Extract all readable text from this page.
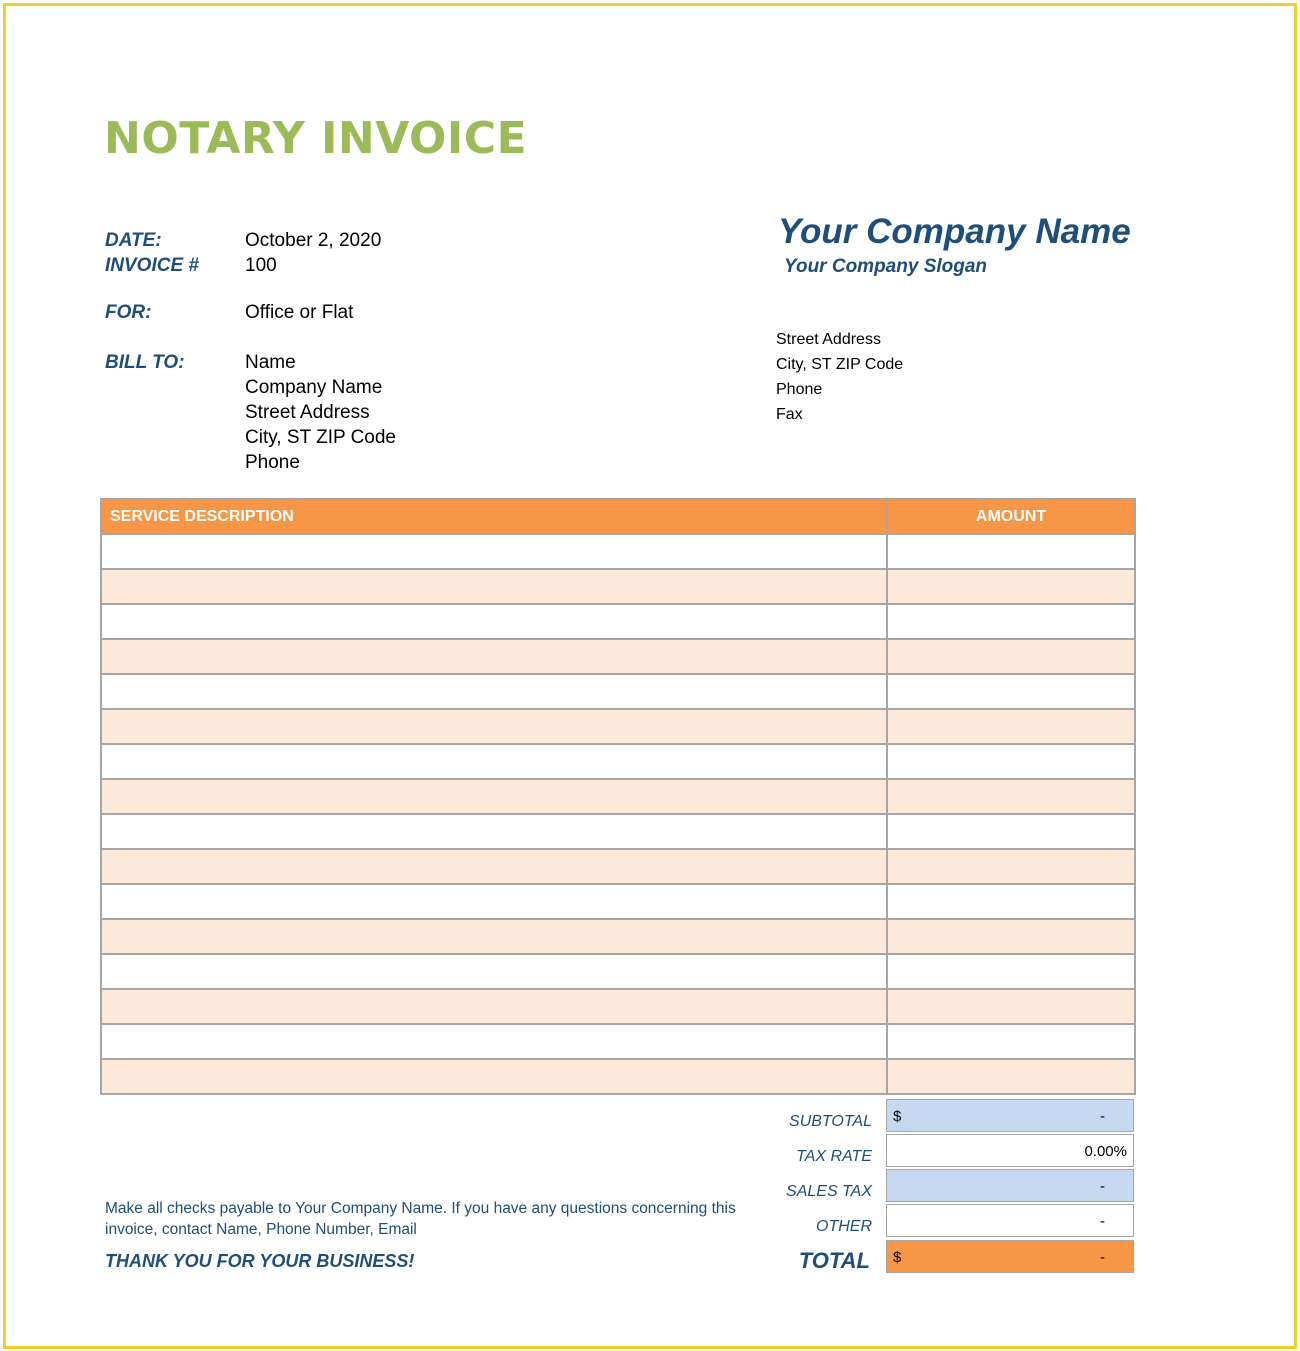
NOTARY INVOICE
DATE:	October 2, 2020
INVOICE # 100
FOR:	Office or Flat
BILL TO:	Name
Company Name
Street Address
City, ST ZIP Code
Phone
Your Company Name
Your Company Slogan
Street Address
City, ST ZIP Code
Phone
Fax
SERVICE DESCRIPTION	AMOUNT

SUBTOTAL $	-
TAX RATE	0.00%
SALES TAX	-
OTHER	-
TOTAL $	-
Make all checks payable to Your Company Name. If you have any questions concerning this invoice, contact Name, Phone Number, Email
THANK YOU FOR YOUR BUSINESS!
